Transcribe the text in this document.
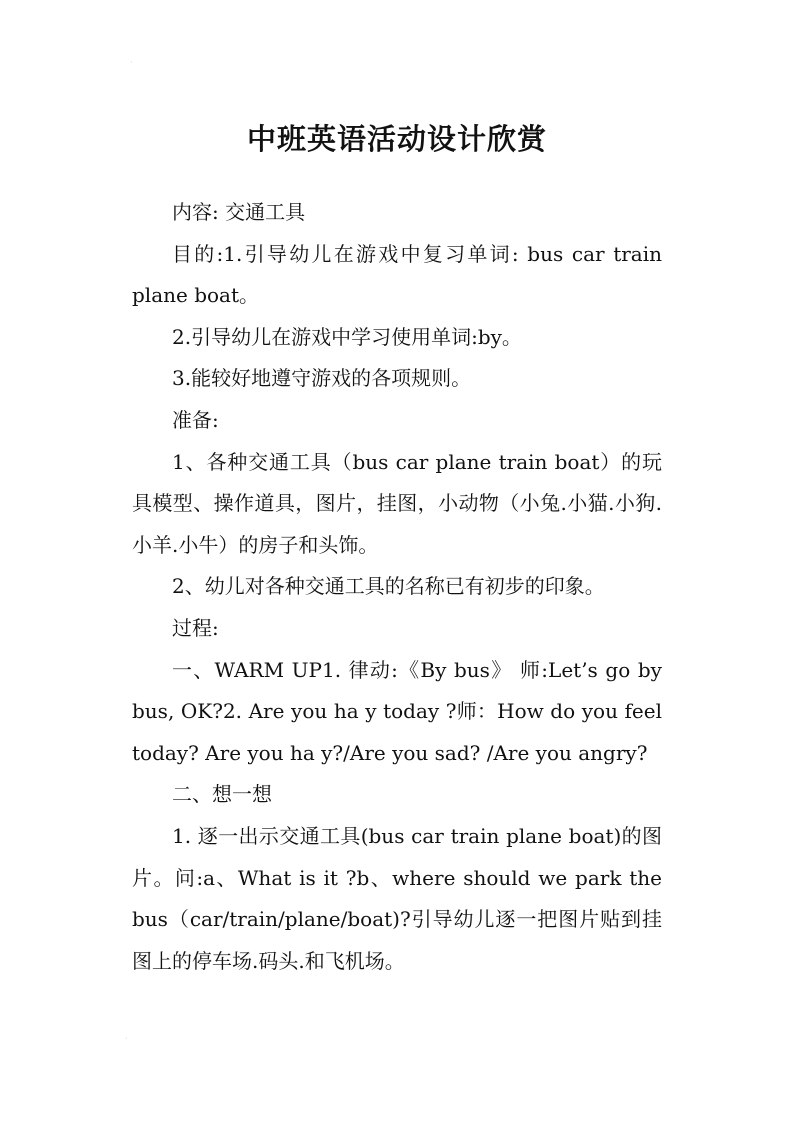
·
中班英语活动设计欣赏

内容: 交通工具

目的:1.引导幼儿在游戏中复习单词: bus car train plane boat。

2.引导幼儿在游戏中学习使用单词:by。

3.能较好地遵守游戏的各项规则。

准备:

1、各种交通工具（bus car plane train boat）的玩具模型、操作道具，图片，挂图，小动物（小兔.小猫.小狗.小羊.小牛）的房子和头饰。

2、幼儿对各种交通工具的名称已有初步的印象。

过程:

一、WARM UP1. 律动:《By bus》 师:Let’s go by bus, OK?2. Are you ha y today ?师：How do you feel today? Are you ha y?/Are you sad? /Are you angry?

二、想一想

1. 逐一出示交通工具(bus car train plane boat)的图片。问:a、What is it ?b、where should we park the bus（car/train/plane/boat)?引导幼儿逐一把图片贴到挂图上的停车场.码头.和飞机场。

·
